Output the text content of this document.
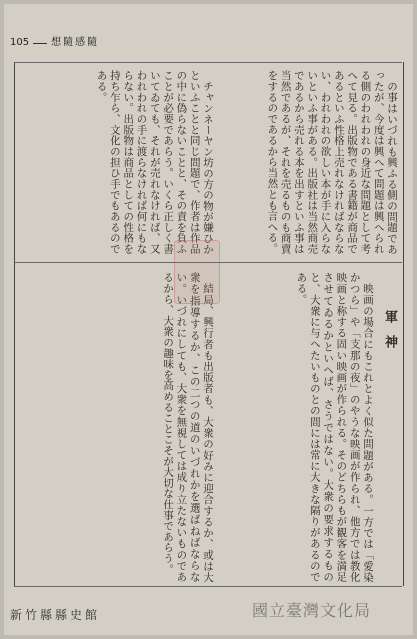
105 想隨感隨

の事はいづれも興ふる側の問題であったが、今度は興へて問題は興へられる側のわれわれの身近な問題として考へて見る。出版物である書籍が商品であるといふ性格上売れなければならない、われわれの欲しい本が手に入らないといふ事がある。出版社は当然商売であるから売れる本を出すといふ事は当然であるが、それを売るものも商賣をするのであるから当然とも言へる。

チャンネーヤン坊の方の物が嫌ひかといふことと同じ問題で、作者は作品の中に偽らないことと、その責を負ふことが必要であらう。いくら正しく書いてゐても、それが売れなければ、又われわれの手に渡らなければ何にもならない。出版物は商品としての性格を持ち乍ら、文化の担ひ手でもあるのである。

軍神

映画の場合にもこれとよく似た問題がある。一方では「愛染かつら」や「支那の夜」のやうな映画が作られ、他方では教化映画と称する固い映画が作られる。そのどちらもが観客を満足させてゐるかといへば、さうではない。大衆の要求するものと、大衆に与へたいものとの間には常に大きな隔りがあるのである。

結局、興行者も出版者も、大衆の好みに迎合するか、或は大衆を指導するか、この二つの道のいづれかを選ばねばならない。いづれにしても、大衆を無視しては成り立たないものであるから、大衆の趣味を高めることこそが大切な仕事であらう。

新竹縣縣史館	國立臺灣文化局
